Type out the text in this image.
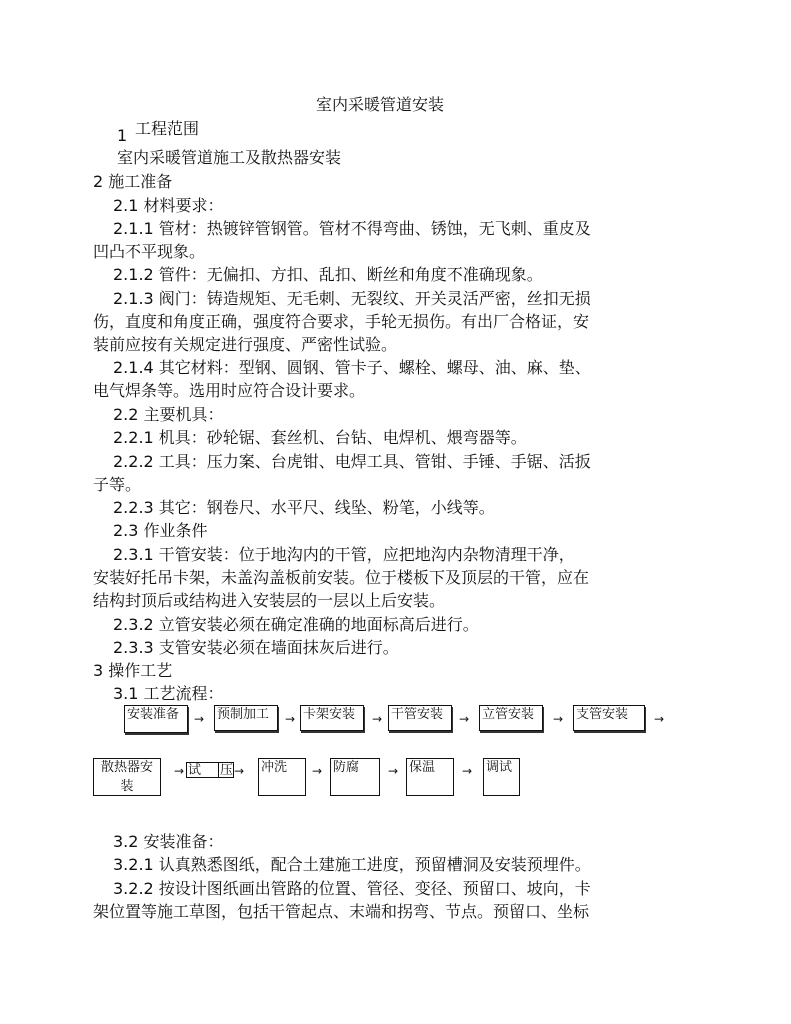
室内采暖管道安装
1 工程范围
室内采暖管道施工及散热器安装
2 施工准备
2.1 材料要求：
2.1.1 管材：热镀锌管钢管。管材不得弯曲、锈蚀，无飞刺、重皮及
凹凸不平现象。
2.1.2 管件：无偏扣、方扣、乱扣、断丝和角度不准确现象。
2.1.3 阀门：铸造规矩、无毛刺、无裂纹、开关灵活严密，丝扣无损
伤，直度和角度正确，强度符合要求，手轮无损伤。有出厂合格证，安
装前应按有关规定进行强度、严密性试验。
2.1.4 其它材料：型钢、圆钢、管卡子、螺栓、螺母、油、麻、垫、
电气焊条等。选用时应符合设计要求。
2.2 主要机具：
2.2.1 机具：砂轮锯、套丝机、台钻、电焊机、煨弯器等。
2.2.2 工具：压力案、台虎钳、电焊工具、管钳、手锤、手锯、活扳
子等。
2.2.3 其它：钢卷尺、水平尺、线坠、粉笔，小线等。
2.3 作业条件
2.3.1 干管安装：位于地沟内的干管，应把地沟内杂物清理干净，
安装好托吊卡架，未盖沟盖板前安装。位于楼板下及顶层的干管，应在
结构封顶后或结构进入安装层的一层以上后安装。
2.3.2 立管安装必须在确定准确的地面标高后进行。
2.3.3 支管安装必须在墙面抹灰后进行。
3 操作工艺
3.1 工艺流程：
安装准备	→ 预制加工	→ 卡架安装	→ 干管安装	→ 立管安装	→ 支管安装	→
散热器安
装
→ 试	压 → 冲洗	→ 防腐	→ 保温	→ 调试
3.2 安装准备：
3.2.1 认真熟悉图纸，配合土建施工进度，预留槽洞及安装预埋件。
3.2.2 按设计图纸画出管路的位置、管径、变径、预留口、坡向，卡
架位置等施工草图，包括干管起点、末端和拐弯、节点。预留口、坐标
